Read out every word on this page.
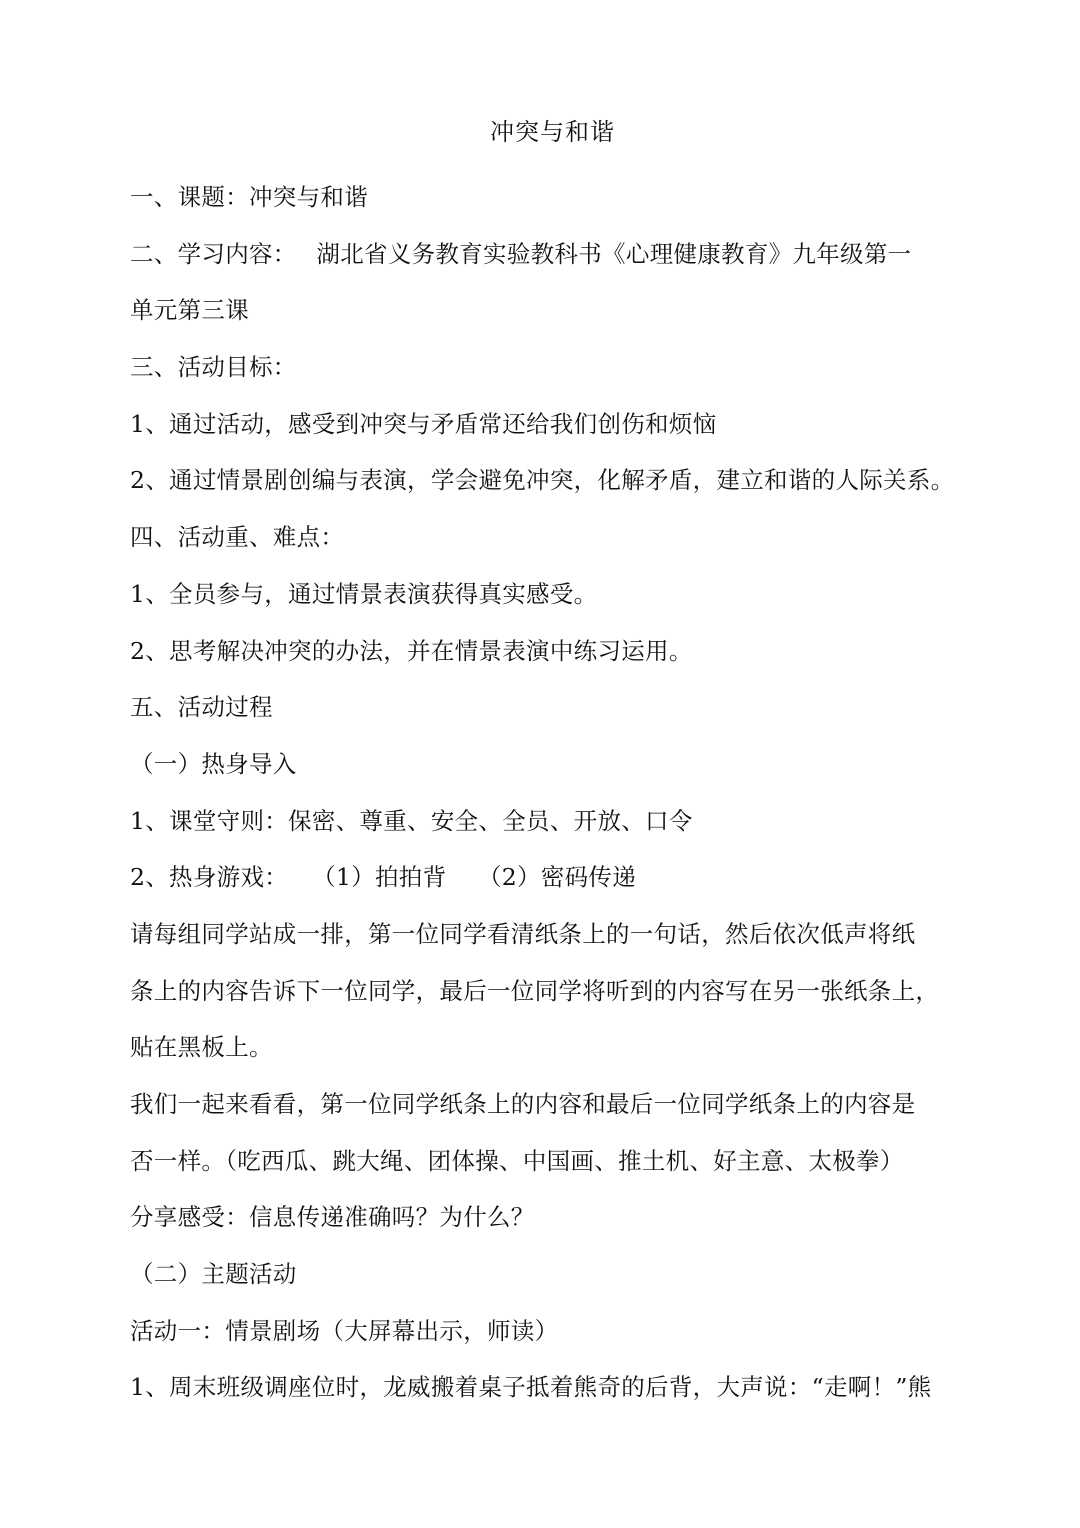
冲突与和谐
一、课题：冲突与和谐
二、学习内容：　 湖北省义务教育实验教科书《心理健康教育》九年级第一
单元第三课
三、活动目标：
1、通过活动，感受到冲突与矛盾常还给我们创伤和烦恼
2、通过情景剧创编与表演，学会避免冲突，化解矛盾，建立和谐的人际关系。
四、活动重、难点：
1、全员参与，通过情景表演获得真实感受。
2、思考解决冲突的办法，并在情景表演中练习运用。
五、活动过程
（一）热身导入
1、课堂守则：保密、尊重、安全、全员、开放、口令
2、热身游戏：　　（1）拍拍背　 （2）密码传递
请每组同学站成一排，第一位同学看清纸条上的一句话，然后依次低声将纸
条上的内容告诉下一位同学，最后一位同学将听到的内容写在另一张纸条上，
贴在黑板上。
我们一起来看看，第一位同学纸条上的内容和最后一位同学纸条上的内容是
否一样。（吃西瓜、跳大绳、团体操、中国画、推土机、好主意、太极拳）
分享感受：信息传递准确吗？为什么？
（二）主题活动
活动一：情景剧场（大屏幕出示，师读）
1、周末班级调座位时，龙威搬着桌子抵着熊奇的后背，大声说：“走啊！”熊
